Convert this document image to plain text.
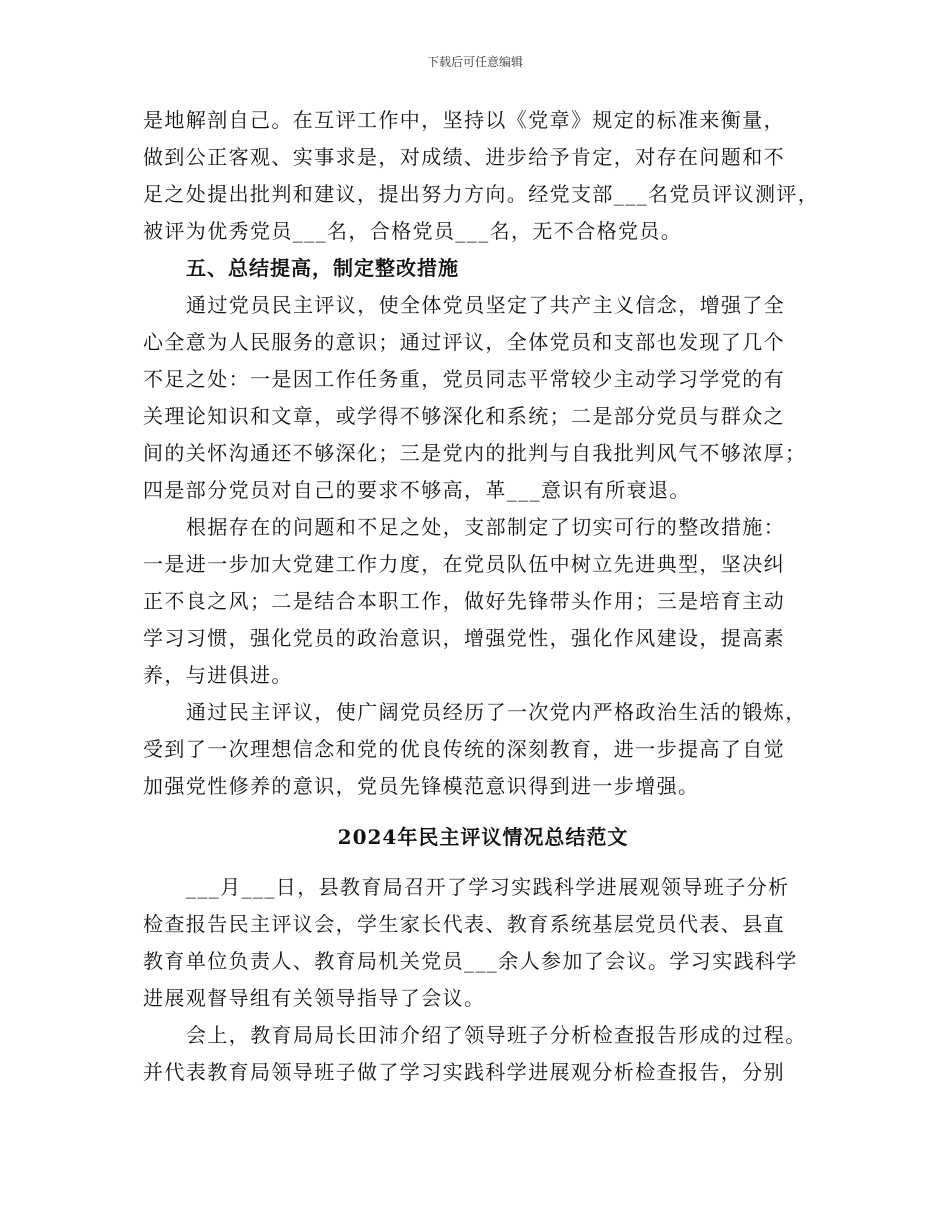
下载后可任意编辑
是地解剖自己。在互评工作中，坚持以《党章》规定的标准来衡量，
做到公正客观、实事求是，对成绩、进步给予肯定，对存在问题和不
足之处提出批判和建议，提出努力方向。经党支部___名党员评议测评，
被评为优秀党员___名，合格党员___名，无不合格党员。
五、总结提高，制定整改措施
通过党员民主评议，使全体党员坚定了共产主义信念，增强了全
心全意为人民服务的意识；通过评议，全体党员和支部也发现了几个
不足之处：一是因工作任务重，党员同志平常较少主动学习学党的有
关理论知识和文章，或学得不够深化和系统；二是部分党员与群众之
间的关怀沟通还不够深化；三是党内的批判与自我批判风气不够浓厚；
四是部分党员对自己的要求不够高，革___意识有所衰退。
根据存在的问题和不足之处，支部制定了切实可行的整改措施：
一是进一步加大党建工作力度，在党员队伍中树立先进典型，坚决纠
正不良之风；二是结合本职工作，做好先锋带头作用；三是培育主动
学习习惯，强化党员的政治意识，增强党性，强化作风建设，提高素
养，与进俱进。
通过民主评议，使广阔党员经历了一次党内严格政治生活的锻炼，
受到了一次理想信念和党的优良传统的深刻教育，进一步提高了自觉
加强党性修养的意识，党员先锋模范意识得到进一步增强。
2024年民主评议情况总结范文
___月___日，县教育局召开了学习实践科学进展观领导班子分析
检查报告民主评议会，学生家长代表、教育系统基层党员代表、县直
教育单位负责人、教育局机关党员___余人参加了会议。学习实践科学
进展观督导组有关领导指导了会议。
会上，教育局局长田沛介绍了领导班子分析检查报告形成的过程。
并代表教育局领导班子做了学习实践科学进展观分析检查报告，分别
